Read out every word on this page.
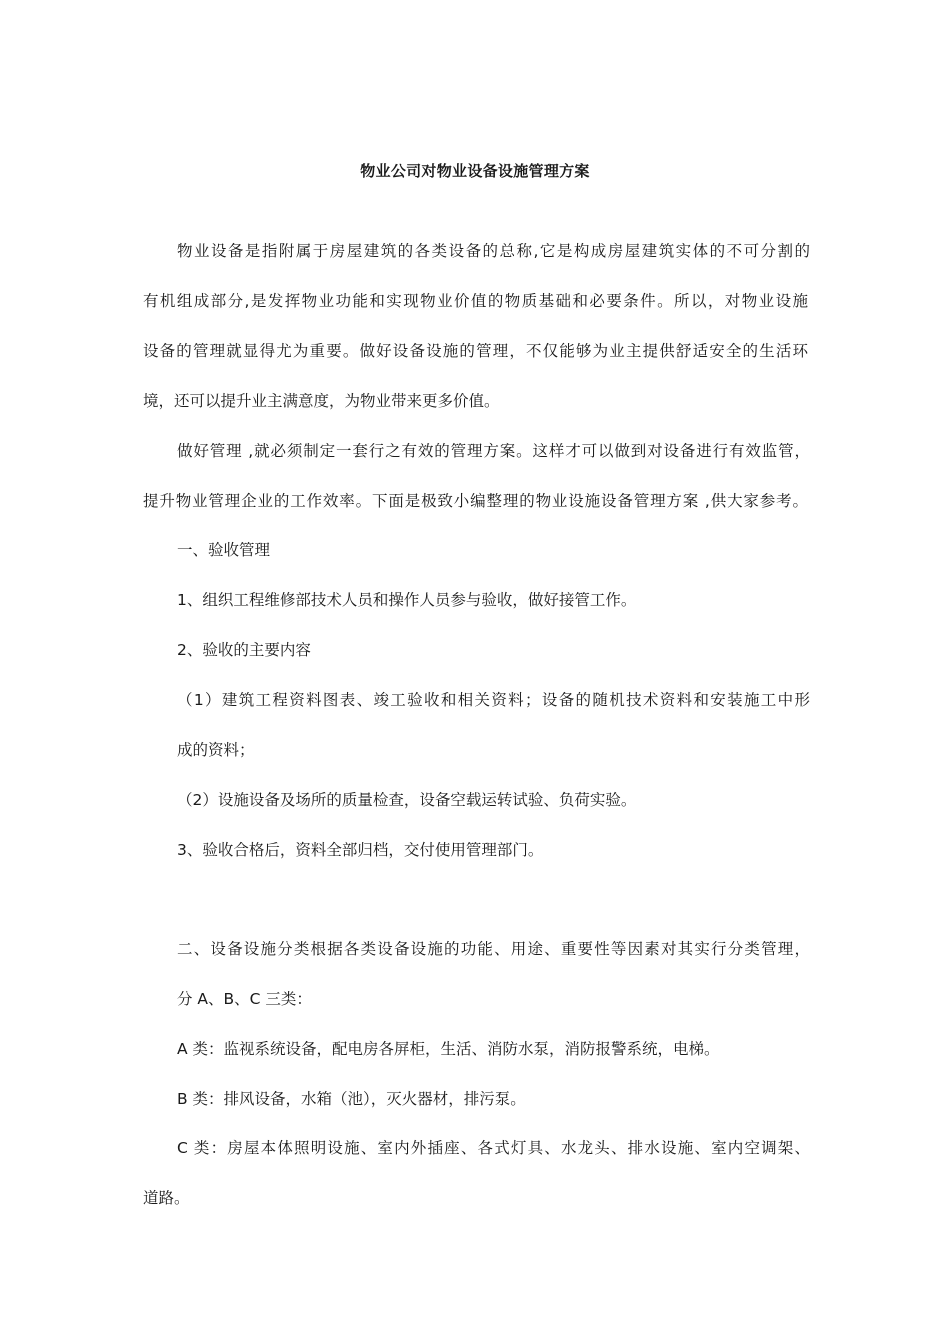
物业公司对物业设备设施管理方案
物业设备是指附属于房屋建筑的各类设备的总称,它是构成房屋建筑实体的不可分割的
有机组成部分,是发挥物业功能和实现物业价值的物质基础和必要条件。所以，对物业设施
设备的管理就显得尤为重要。做好设备设施的管理，不仅能够为业主提供舒适安全的生活环
境，还可以提升业主满意度，为物业带来更多价值。
做好管理 ,就必须制定一套行之有效的管理方案。这样才可以做到对设备进行有效监管，
提升物业管理企业的工作效率。下面是极致小编整理的物业设施设备管理方案 ,供大家参考。
一、验收管理
1、组织工程维修部技术人员和操作人员参与验收，做好接管工作。
2、验收的主要内容
（1）建筑工程资料图表、竣工验收和相关资料；设备的随机技术资料和安装施工中形
成的资料；
（2）设施设备及场所的质量检查，设备空载运转试验、负荷实验。
3、验收合格后，资料全部归档，交付使用管理部门。
二、设备设施分类根据各类设备设施的功能、用途、重要性等因素对其实行分类管理，
分 A、B、C 三类：
A 类：监视系统设备，配电房各屏柜，生活、消防水泵，消防报警系统，电梯。
B 类：排风设备，水箱（池），灭火器材，排污泵。
C 类：房屋本体照明设施、室内外插座、各式灯具、水龙头、排水设施、室内空调架、
道路。
